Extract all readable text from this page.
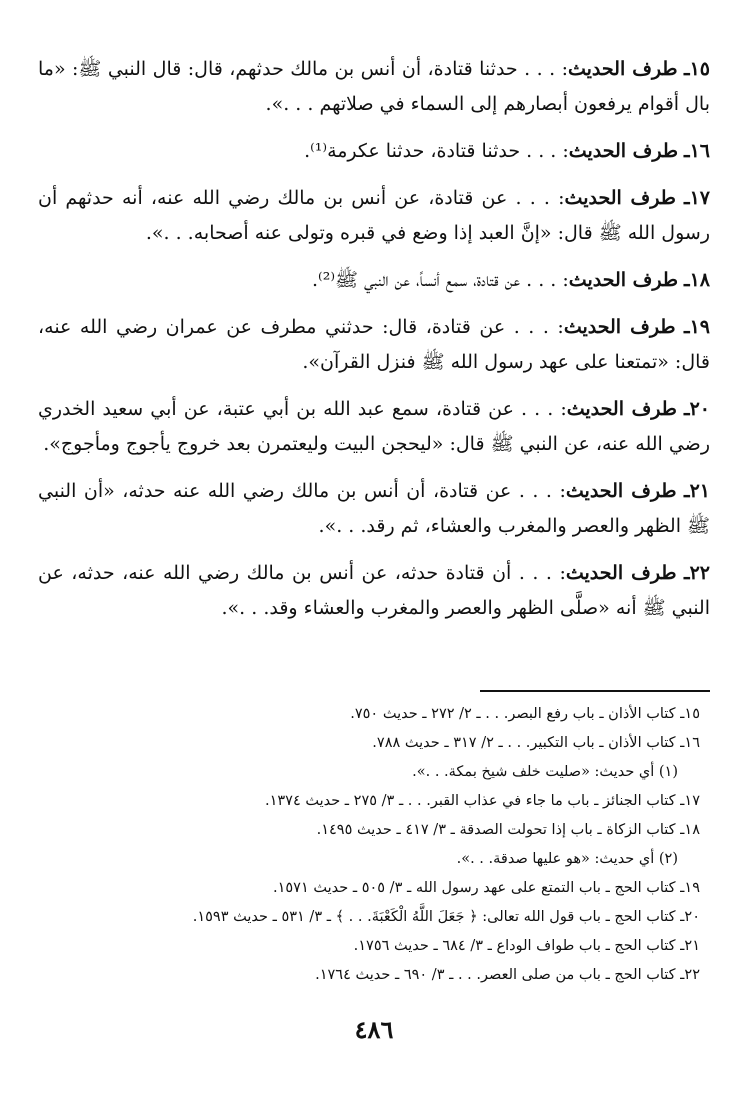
١٥ـ طرف الحديث: . . . حدثنا قتادة، أن أنس بن مالك حدثهم، قال: قال النبي ﷺ: «ما بال أقوام يرفعون أبصارهم إلى السماء في صلاتهم . . .».

١٦ـ طرف الحديث: . . . حدثنا قتادة، حدثنا عكرمة⁽¹⁾.

١٧ـ طرف الحديث: . . . عن قتادة، عن أنس بن مالك رضي الله عنه، أنه حدثهم أن رسول الله ﷺ قال: «إنَّ العبد إذا وضع في قبره وتولى عنه أصحابه. . .».

١٨ـ طرف الحديث: . . . عن قتادة، سمع أنساً، عن النبي ﷺ⁽²⁾.

١٩ـ طرف الحديث: . . . عن قتادة، قال: حدثني مطرف عن عمران رضي الله عنه، قال: «تمتعنا على عهد رسول الله ﷺ فنزل القرآن».

٢٠ـ طرف الحديث: . . . عن قتادة، سمع عبد الله بن أبي عتبة، عن أبي سعيد الخدري رضي الله عنه، عن النبي ﷺ قال: «ليحجن البيت وليعتمرن بعد خروج يأجوج ومأجوج».

٢١ـ طرف الحديث: . . . عن قتادة، أن أنس بن مالك رضي الله عنه حدثه، «أن النبي ﷺ الظهر والعصر والمغرب والعشاء، ثم رقد. . .».

٢٢ـ طرف الحديث: . . . أن قتادة حدثه، عن أنس بن مالك رضي الله عنه، حدثه، عن النبي ﷺ أنه «صلَّى الظهر والعصر والمغرب والعشاء وقد. . .».

١٥ـ كتاب الأذان ـ باب رفع البصر. . . ـ ٢/ ٢٧٢ ـ حديث ٧٥٠.

١٦ـ كتاب الأذان ـ باب التكبير. . . ـ ٢/ ٣١٧ ـ حديث ٧٨٨.

(١) أي حديث: «صليت خلف شيخ بمكة. . .».

١٧ـ كتاب الجنائز ـ باب ما جاء في عذاب القبر. . . ـ ٣/ ٢٧٥ ـ حديث ١٣٧٤.

١٨ـ كتاب الزكاة ـ باب إذا تحولت الصدقة ـ ٣/ ٤١٧ ـ حديث ١٤٩٥.

(٢) أي حديث: «هو عليها صدقة. . .».

١٩ـ كتاب الحج ـ باب التمتع على عهد رسول الله ـ ٣/ ٥٠٥ ـ حديث ١٥٧١.

٢٠ـ كتاب الحج ـ باب قول الله تعالى: ﴿ جَعَلَ اللَّهُ الْكَعْبَةَ. . . ﴾ ـ ٣/ ٥٣١ ـ حديث ١٥٩٣.

٢١ـ كتاب الحج ـ باب طواف الوداع ـ ٣/ ٦٨٤ ـ حديث ١٧٥٦.

٢٢ـ كتاب الحج ـ باب من صلى العصر. . . ـ ٣/ ٦٩٠ ـ حديث ١٧٦٤.

٤٨٦
